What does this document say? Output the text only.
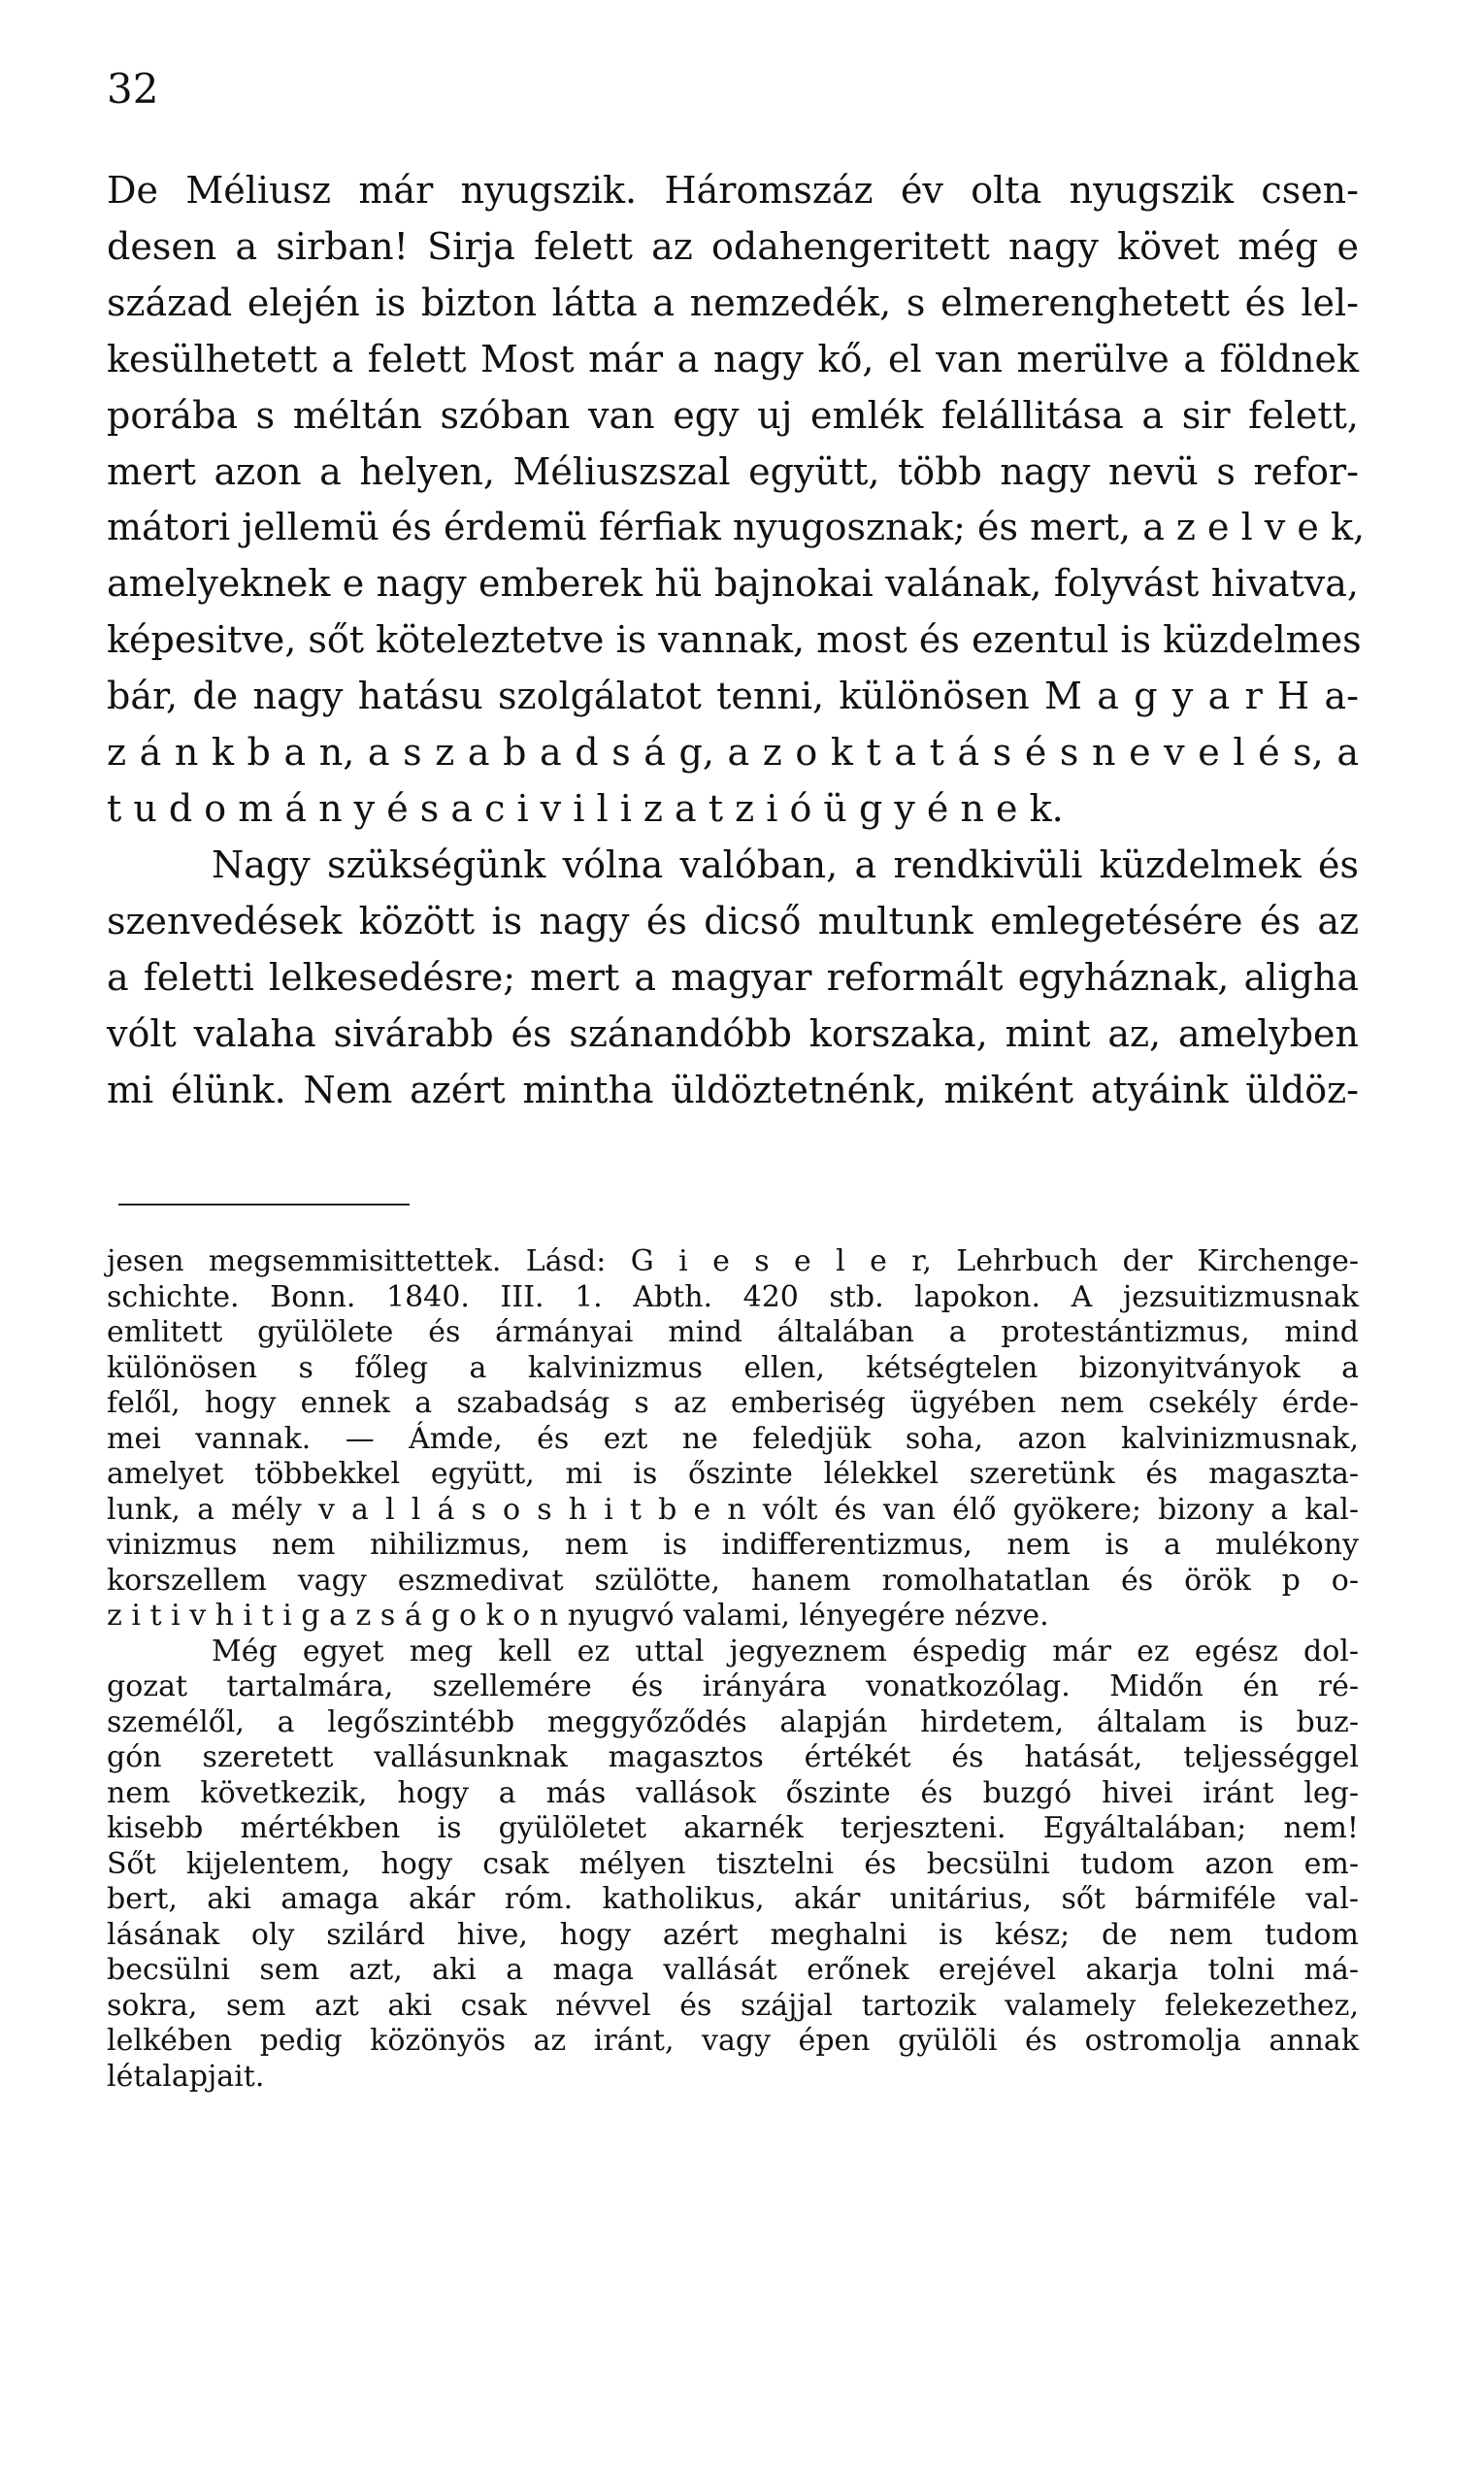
32
De Méliusz már nyugszik. Háromszáz év olta nyugszik csen-
desen a sirban! Sirja felett az odahengeritett nagy követ még e
század elején is bizton látta a nemzedék, s elmerenghetett és lel-
kesülhetett a felett Most már a nagy kő, el van merülve a földnek
porába s méltán szóban van egy uj emlék felállitása a sir felett,
mert azon a helyen, Méliuszszal együtt, több nagy nevü s refor-
mátori jellemü és érdemü férfiak nyugosznak; és mert, a z e l v e k,
amelyeknek e nagy emberek hü bajnokai valának, folyvást hivatva,
képesitve, sőt köteleztetve is vannak, most és ezentul is küzdelmes
bár, de nagy hatásu szolgálatot tenni, különösen M a g y a r H a-
z á n k b a n, a s z a b a d s á g, a z o k t a t á s é s n e v e l é s, a
t u d o m á n y é s a c i v i l i z a t z i ó ü g y é n e k.
Nagy szükségünk vólna valóban, a rendkivüli küzdelmek és
szenvedések között is nagy és dicső multunk emlegetésére és az
a feletti lelkesedésre; mert a magyar reformált egyháznak, aligha
vólt valaha sivárabb és szánandóbb korszaka, mint az, amelyben
mi élünk. Nem azért mintha üldöztetnénk, miként atyáink üldöz-
jesen megsemmisittettek. Lásd: G i e s e l e r, Lehrbuch der Kirchenge-
schichte. Bonn. 1840. III. 1. Abth. 420 stb. lapokon. A jezsuitizmusnak
emlitett gyülölete és ármányai mind általában a protestántizmus, mind
különösen s főleg a kalvinizmus ellen, kétségtelen bizonyitványok a
felől, hogy ennek a szabadság s az emberiség ügyében nem csekély érde-
mei vannak. — Ámde, és ezt ne feledjük soha, azon kalvinizmusnak,
amelyet többekkel együtt, mi is őszinte lélekkel szeretünk és magaszta-
lunk, a mély v a l l á s o s h i t b e n vólt és van élő gyökere; bizony a kal-
vinizmus nem nihilizmus, nem is indifferentizmus, nem is a mulékony
korszellem vagy eszmedivat szülötte, hanem romolhatatlan és örök p o-
z i t i v h i t i g a z s á g o k o n nyugvó valami, lényegére nézve.
Még egyet meg kell ez uttal jegyeznem éspedig már ez egész dol-
gozat tartalmára, szellemére és irányára vonatkozólag. Midőn én ré-
személől, a legőszintébb meggyőződés alapján hirdetem, általam is buz-
gón szeretett vallásunknak magasztos értékét és hatását, teljességgel
nem következik, hogy a más vallások őszinte és buzgó hivei iránt leg-
kisebb mértékben is gyülöletet akarnék terjeszteni. Egyáltalában; nem!
Sőt kijelentem, hogy csak mélyen tisztelni és becsülni tudom azon em-
bert, aki amaga akár róm. katholikus, akár unitárius, sőt bármiféle val-
lásának oly szilárd hive, hogy azért meghalni is kész; de nem tudom
becsülni sem azt, aki a maga vallását erőnek erejével akarja tolni má-
sokra, sem azt aki csak névvel és szájjal tartozik valamely felekezethez,
lelkében pedig közönyös az iránt, vagy épen gyülöli és ostromolja annak
létalapjait.
